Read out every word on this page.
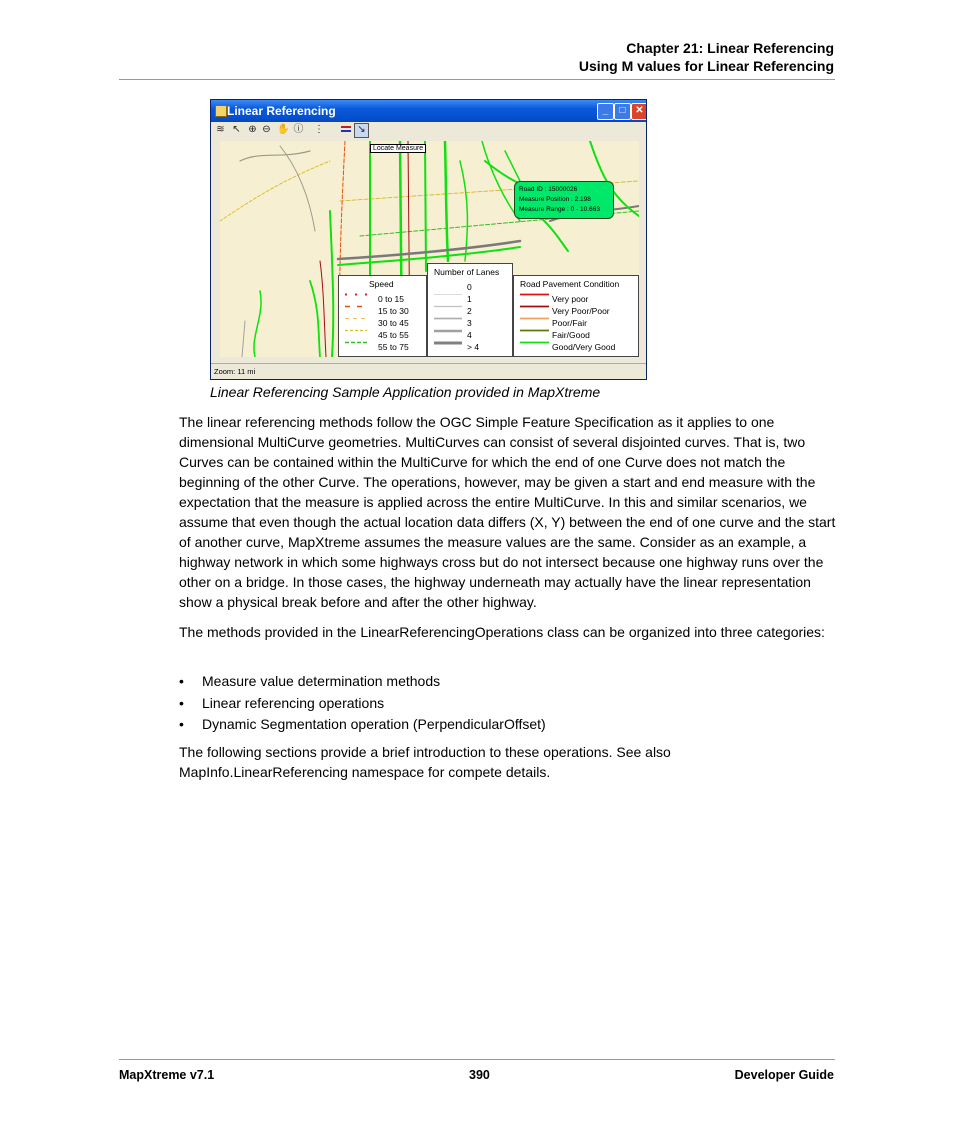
Chapter 21: Linear Referencing
Using M values for Linear Referencing
Linear Referencing	_	□ ✕
≋ ↖ ⊕ ⊖ ✋ ⓘ ⋮	↘
Locate Measure
Road ID : 15000026
Measure Position : 2.198
Measure Range : 0 - 10.663
Speed
0 to 15
15 to 30
30 to 45
45 to 55
55 to 75
Number of Lanes
0
1
2
3
4
> 4
Road Pavement Condition
Very poor
Very Poor/Poor
Poor/Fair
Fair/Good
Good/Very Good
Zoom: 11 mi
Linear Referencing Sample Application provided in MapXtreme

The linear referencing methods follow the OGC Simple Feature Specification as it applies to one dimensional MultiCurve geometries. MultiCurves can consist of several disjointed curves. That is, two Curves can be contained within the MultiCurve for which the end of one Curve does not match the beginning of the other Curve. The operations, however, may be given a start and end measure with the expectation that the measure is applied across the entire MultiCurve. In this and similar scenarios, we assume that even though the actual location data differs (X, Y) between the end of one curve and the start of another curve, MapXtreme assumes the measure values are the same. Consider as an example, a highway network in which some highways cross but do not intersect because one highway runs over the other on a bridge. In those cases, the highway underneath may actually have the linear representation show a physical break before and after the other highway.

The methods provided in the LinearReferencingOperations class can be organized into three categories:

• Measure value determination methods
• Linear referencing operations
• Dynamic Segmentation operation (PerpendicularOffset)

The following sections provide a brief introduction to these operations. See also MapInfo.LinearReferencing namespace for compete details.

MapXtreme v7.1	390	Developer Guide
